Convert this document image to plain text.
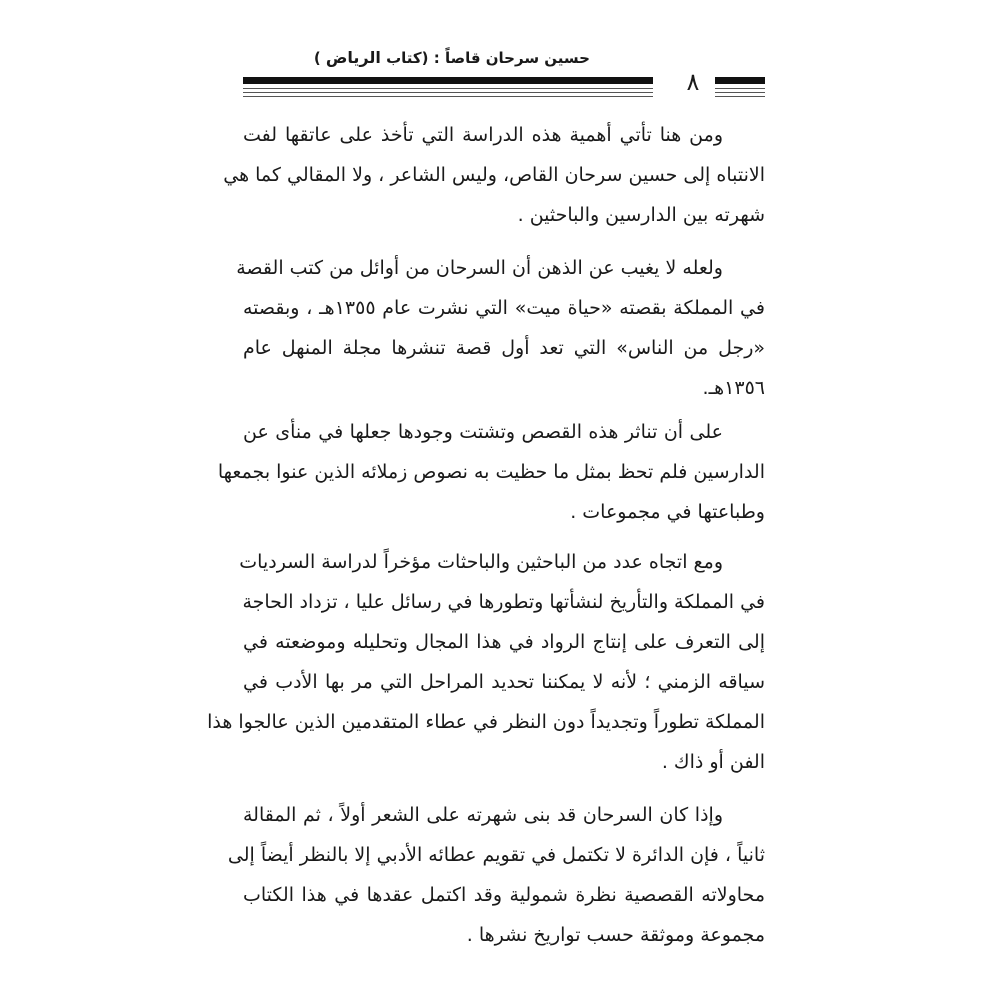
حسين سرحان قاصاً : (كتاب الرياض )
٨
ومن هنا تأتي أهمية هذه الدراسة التي تأخذ على عاتقها لفت
الانتباه إلى حسين سرحان القاص، وليس الشاعر ، ولا المقالي كما هي
شهرته بين الدارسين والباحثين .
ولعله لا يغيب عن الذهن أن السرحان من أوائل من كتب القصة
في المملكة بقصته «حياة ميت» التي نشرت عام ١٣٥٥هـ ، وبقصته
«رجل من الناس» التي تعد أول قصة تنشرها مجلة المنهل عام
١٣٥٦هـ.
على أن تناثر هذه القصص وتشتت وجودها جعلها في منأى عن
الدارسين فلم تحظ بمثل ما حظيت به نصوص زملائه الذين عنوا بجمعها
وطباعتها في مجموعات .
ومع اتجاه عدد من الباحثين والباحثات مؤخراً لدراسة السرديات
في المملكة والتأريخ لنشأتها وتطورها في رسائل عليا ، تزداد الحاجة
إلى التعرف على إنتاج الرواد في هذا المجال وتحليله وموضعته في
سياقه الزمني ؛ لأنه لا يمكننا تحديد المراحل التي مر بها الأدب في
المملكة تطوراً وتجديداً دون النظر في عطاء المتقدمين الذين عالجوا هذا
الفن أو ذاك .
وإذا كان السرحان قد بنى شهرته على الشعر أولاً ، ثم المقالة
ثانياً ، فإن الدائرة لا تكتمل في تقويم عطائه الأدبي إلا بالنظر أيضاً إلى
محاولاته القصصية نظرة شمولية وقد اكتمل عقدها في هذا الكتاب
مجموعة وموثقة حسب تواريخ نشرها .
